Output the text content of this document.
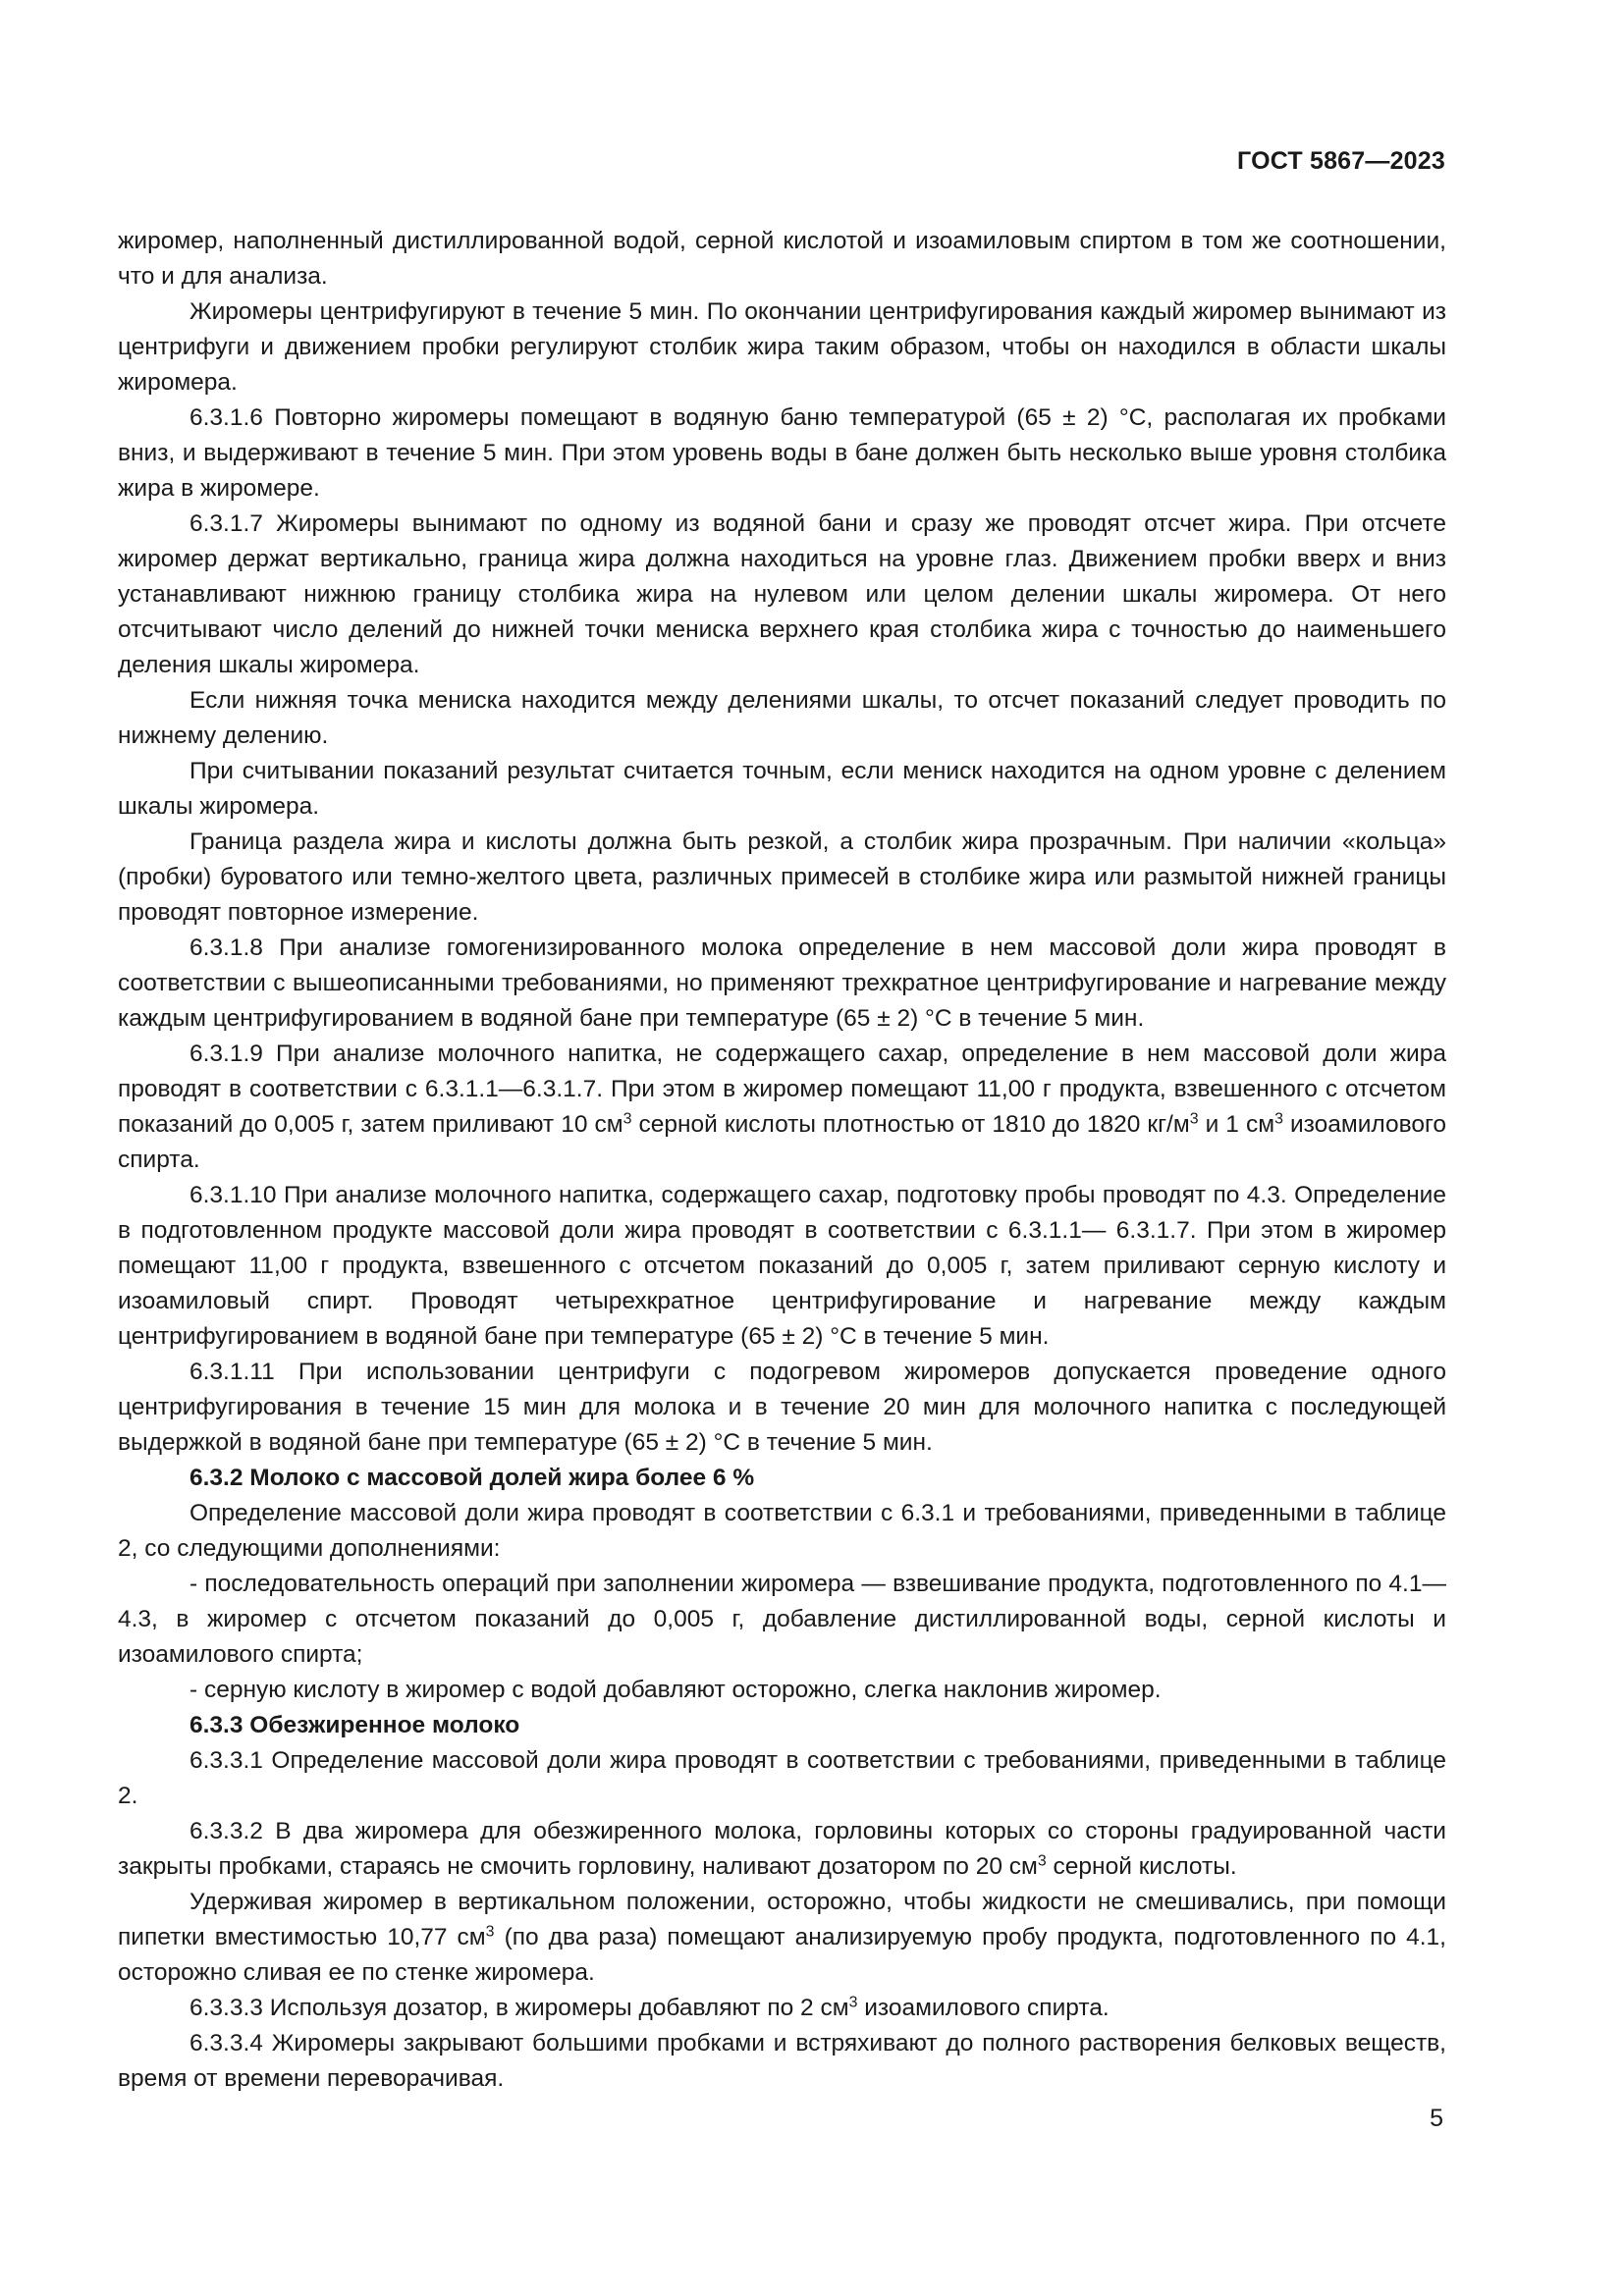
ГОСТ 5867—2023

жиромер, наполненный дистиллированной водой, серной кислотой и изоамиловым спиртом в том же соотношении, что и для анализа.

Жиромеры центрифугируют в течение 5 мин. По окончании центрифугирования каждый жиромер вынимают из центрифуги и движением пробки регулируют столбик жира таким образом, чтобы он находился в области шкалы жиромера.

6.3.1.6 Повторно жиромеры помещают в водяную баню температурой (65 ± 2) °С, располагая их пробками вниз, и выдерживают в течение 5 мин. При этом уровень воды в бане должен быть несколько выше уровня столбика жира в жиромере.

6.3.1.7 Жиромеры вынимают по одному из водяной бани и сразу же проводят отсчет жира. При отсчете жиромер держат вертикально, граница жира должна находиться на уровне глаз. Движением пробки вверх и вниз устанавливают нижнюю границу столбика жира на нулевом или целом делении шкалы жиромера. От него отсчитывают число делений до нижней точки мениска верхнего края столбика жира с точностью до наименьшего деления шкалы жиромера.

Если нижняя точка мениска находится между делениями шкалы, то отсчет показаний следует проводить по нижнему делению.

При считывании показаний результат считается точным, если мениск находится на одном уровне с делением шкалы жиромера.

Граница раздела жира и кислоты должна быть резкой, а столбик жира прозрачным. При наличии «кольца» (пробки) буроватого или темно-желтого цвета, различных примесей в столбике жира или размытой нижней границы проводят повторное измерение.

6.3.1.8 При анализе гомогенизированного молока определение в нем массовой доли жира проводят в соответствии с вышеописанными требованиями, но применяют трехкратное центрифугирование и нагревание между каждым центрифугированием в водяной бане при температуре (65 ± 2) °С в течение 5 мин.

6.3.1.9 При анализе молочного напитка, не содержащего сахар, определение в нем массовой доли жира проводят в соответствии с 6.3.1.1—6.3.1.7. При этом в жиромер помещают 11,00 г продукта, взвешенного с отсчетом показаний до 0,005 г, затем приливают 10 $см^3$ серной кислоты плотностью от 1810 до 1820 $кг/м^3$ и 1 $см^3$ изоамилового спирта.

6.3.1.10 При анализе молочного напитка, содержащего сахар, подготовку пробы проводят по 4.3. Определение в подготовленном продукте массовой доли жира проводят в соответствии с 6.3.1.1— 6.3.1.7. При этом в жиромер помещают 11,00 г продукта, взвешенного с отсчетом показаний до 0,005 г, затем приливают серную кислоту и изоамиловый спирт. Проводят четырехкратное центрифугирование и нагревание между каждым центрифугированием в водяной бане при температуре (65 ± 2) °С в течение 5 мин.

6.3.1.11 При использовании центрифуги с подогревом жиромеров допускается проведение одного центрифугирования в течение 15 мин для молока и в течение 20 мин для молочного напитка с последующей выдержкой в водяной бане при температуре (65 ± 2) °С в течение 5 мин.

6.3.2 Молоко с массовой долей жира более 6 %

Определение массовой доли жира проводят в соответствии с 6.3.1 и требованиями, приведенными в таблице 2, со следующими дополнениями:

- последовательность операций при заполнении жиромера — взвешивание продукта, подготовленного по 4.1—4.3, в жиромер с отсчетом показаний до 0,005 г, добавление дистиллированной воды, серной кислоты и изоамилового спирта;

- серную кислоту в жиромер с водой добавляют осторожно, слегка наклонив жиромер.

6.3.3 Обезжиренное молоко

6.3.3.1 Определение массовой доли жира проводят в соответствии с требованиями, приведенными в таблице 2.

6.3.3.2 В два жиромера для обезжиренного молока, горловины которых со стороны градуированной части закрыты пробками, стараясь не смочить горловину, наливают дозатором по 20 $см^3$ серной кислоты.

Удерживая жиромер в вертикальном положении, осторожно, чтобы жидкости не смешивались, при помощи пипетки вместимостью 10,77 $см^3$ (по два раза) помещают анализируемую пробу продукта, подготовленного по 4.1, осторожно сливая ее по стенке жиромера.

6.3.3.3 Используя дозатор, в жиромеры добавляют по 2 $см^3$ изоамилового спирта.

6.3.3.4 Жиромеры закрывают большими пробками и встряхивают до полного растворения белковых веществ, время от времени переворачивая.

5
